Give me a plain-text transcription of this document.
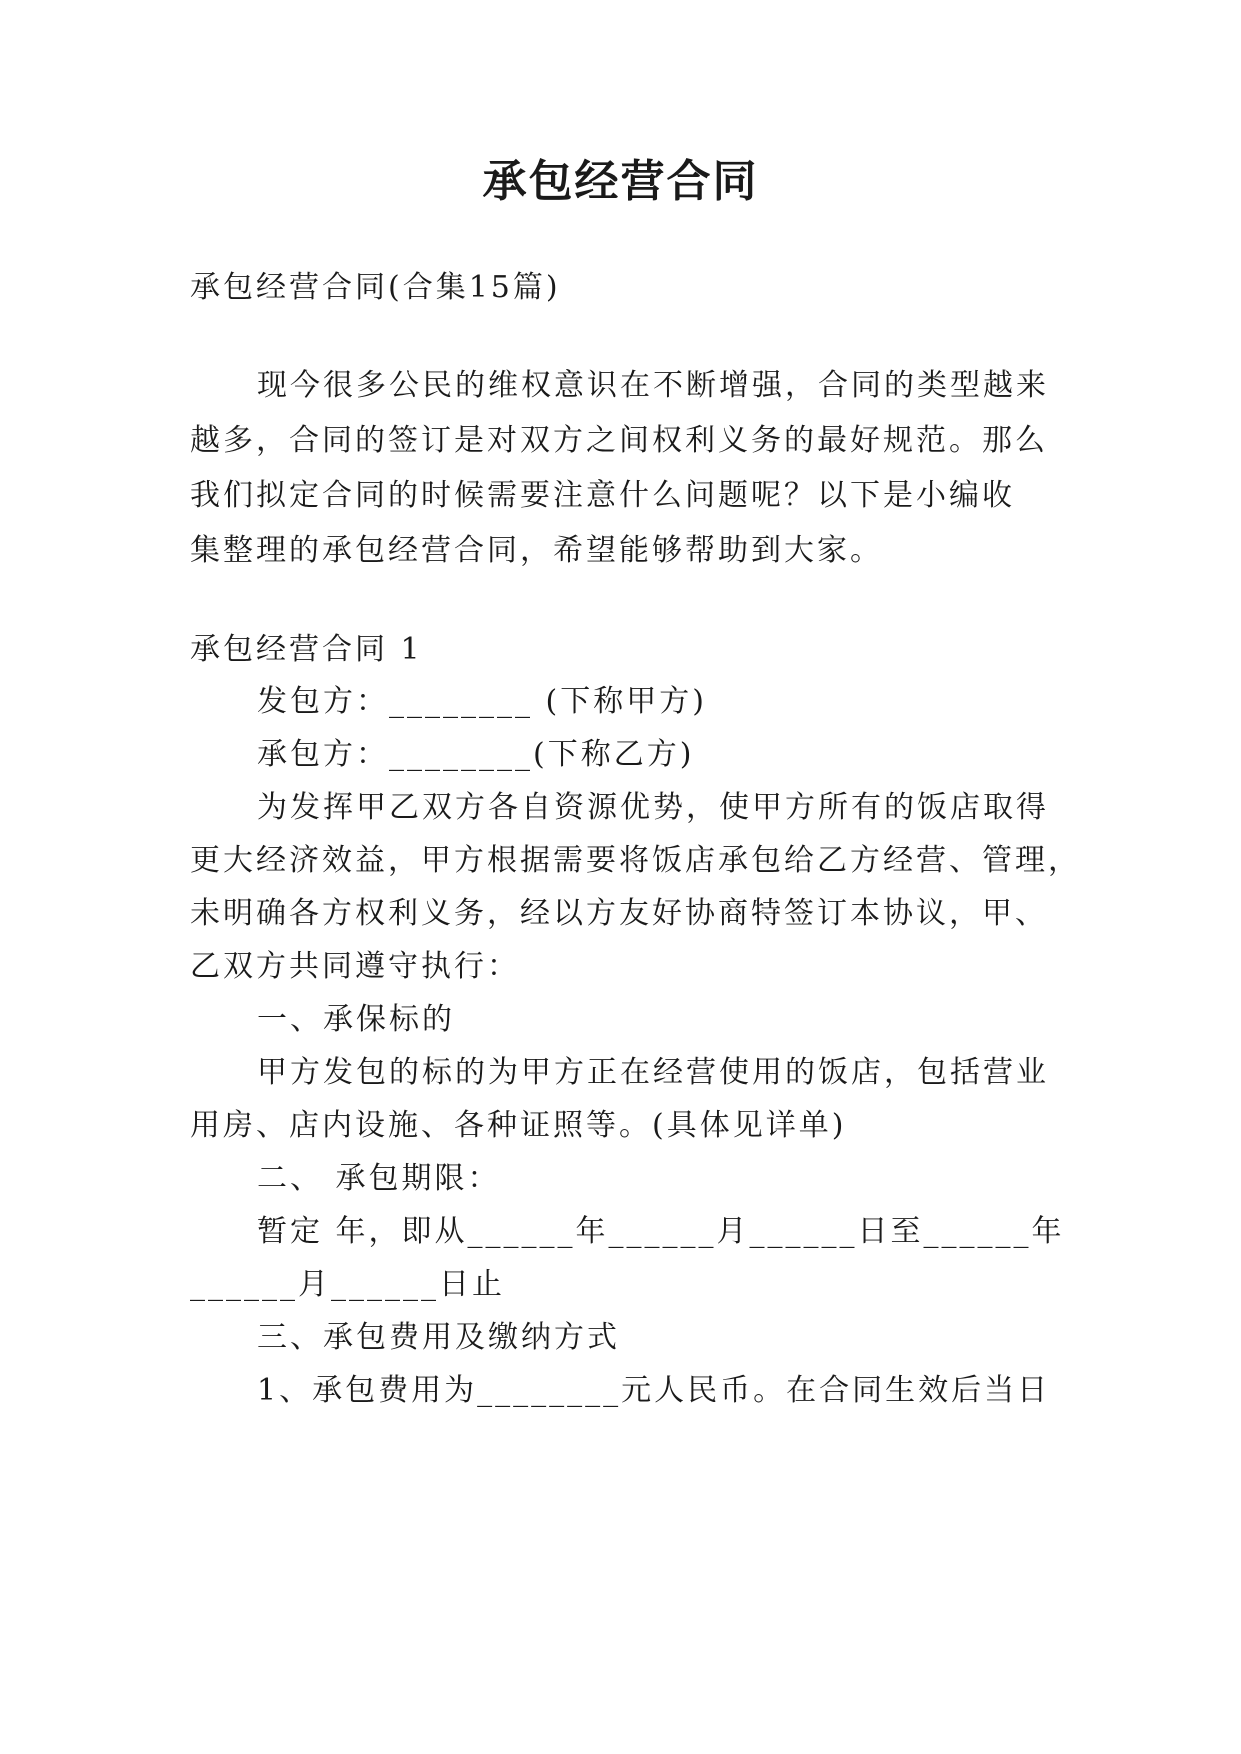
承包经营合同
承包经营合同(合集15篇)
现今很多公民的维权意识在不断增强，合同的类型越来
越多，合同的签订是对双方之间权利义务的最好规范。那么
我们拟定合同的时候需要注意什么问题呢？以下是小编收
集整理的承包经营合同，希望能够帮助到大家。
承包经营合同 1
发包方：________ (下称甲方)
承包方：________(下称乙方)
为发挥甲乙双方各自资源优势，使甲方所有的饭店取得
更大经济效益，甲方根据需要将饭店承包给乙方经营、管理，
未明确各方权利义务，经以方友好协商特签订本协议，甲、
乙双方共同遵守执行：
一、承保标的
甲方发包的标的为甲方正在经营使用的饭店，包括营业
用房、店内设施、各种证照等。(具体见详单)
二、 承包期限：
暂定 年，即从______年______月______日至______年
______月______日止
三、承包费用及缴纳方式
1、承包费用为________元人民币。在合同生效后当日
